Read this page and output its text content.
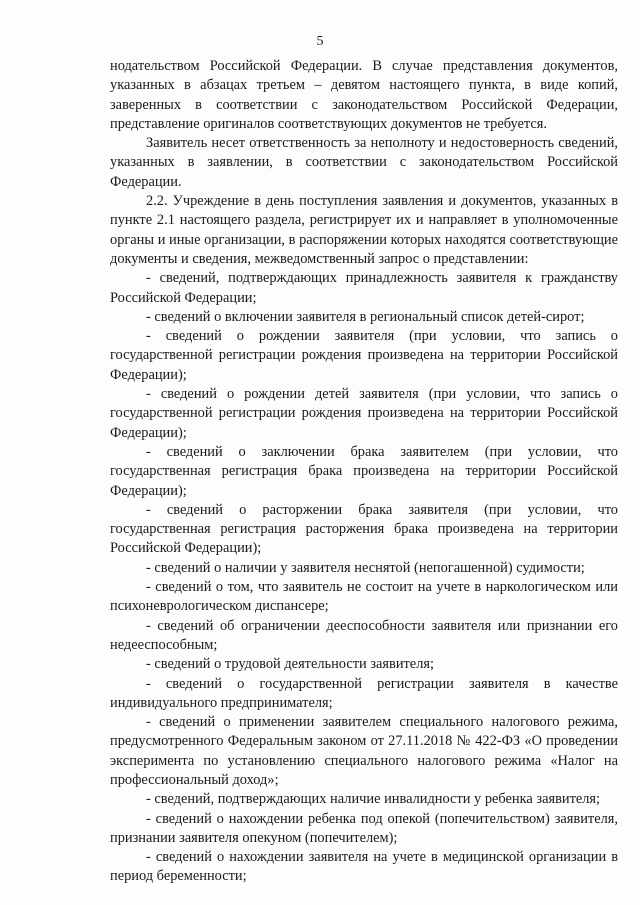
5

нодательством Российской Федерации. В случае представления документов, указанных в абзацах третьем – девятом настоящего пункта, в виде копий, заверенных в соответствии с законодательством Российской Федерации, представление оригиналов соответствующих документов не требуется.

Заявитель несет ответственность за неполноту и недостоверность сведений, указанных в заявлении, в соответствии с законодательством Российской Федерации.

2.2. Учреждение в день поступления заявления и документов, указанных в пункте 2.1 настоящего раздела, регистрирует их и направляет в уполномоченные органы и иные организации, в распоряжении которых находятся соответствующие документы и сведения, межведомственный запрос о представлении:

- сведений, подтверждающих принадлежность заявителя к гражданству Российской Федерации;

- сведений о включении заявителя в региональный список детей-сирот;

- сведений о рождении заявителя (при условии, что запись о государственной регистрации рождения произведена на территории Российской Федерации);

- сведений о рождении детей заявителя (при условии, что запись о государственной регистрации рождения произведена на территории Российской Федерации);

- сведений о заключении брака заявителем (при условии, что государственная регистрация брака произведена на территории Российской Федерации);

- сведений о расторжении брака заявителя (при условии, что государственная регистрация расторжения брака произведена на территории Российской Федерации);

- сведений о наличии у заявителя неснятой (непогашенной) судимости;

- сведений о том, что заявитель не состоит на учете в наркологическом или психоневрологическом диспансере;

- сведений об ограничении дееспособности заявителя или признании его недееспособным;

- сведений о трудовой деятельности заявителя;

- сведений о государственной регистрации заявителя в качестве индивидуального предпринимателя;

- сведений о применении заявителем специального налогового режима, предусмотренного Федеральным законом от 27.11.2018 № 422-ФЗ «О проведении эксперимента по установлению специального налогового режима «Налог на профессиональный доход»;

- сведений, подтверждающих наличие инвалидности у ребенка заявителя;

- сведений о нахождении ребенка под опекой (попечительством) заявителя, признании заявителя опекуном (попечителем);

- сведений о нахождении заявителя на учете в медицинской организации в период беременности;
